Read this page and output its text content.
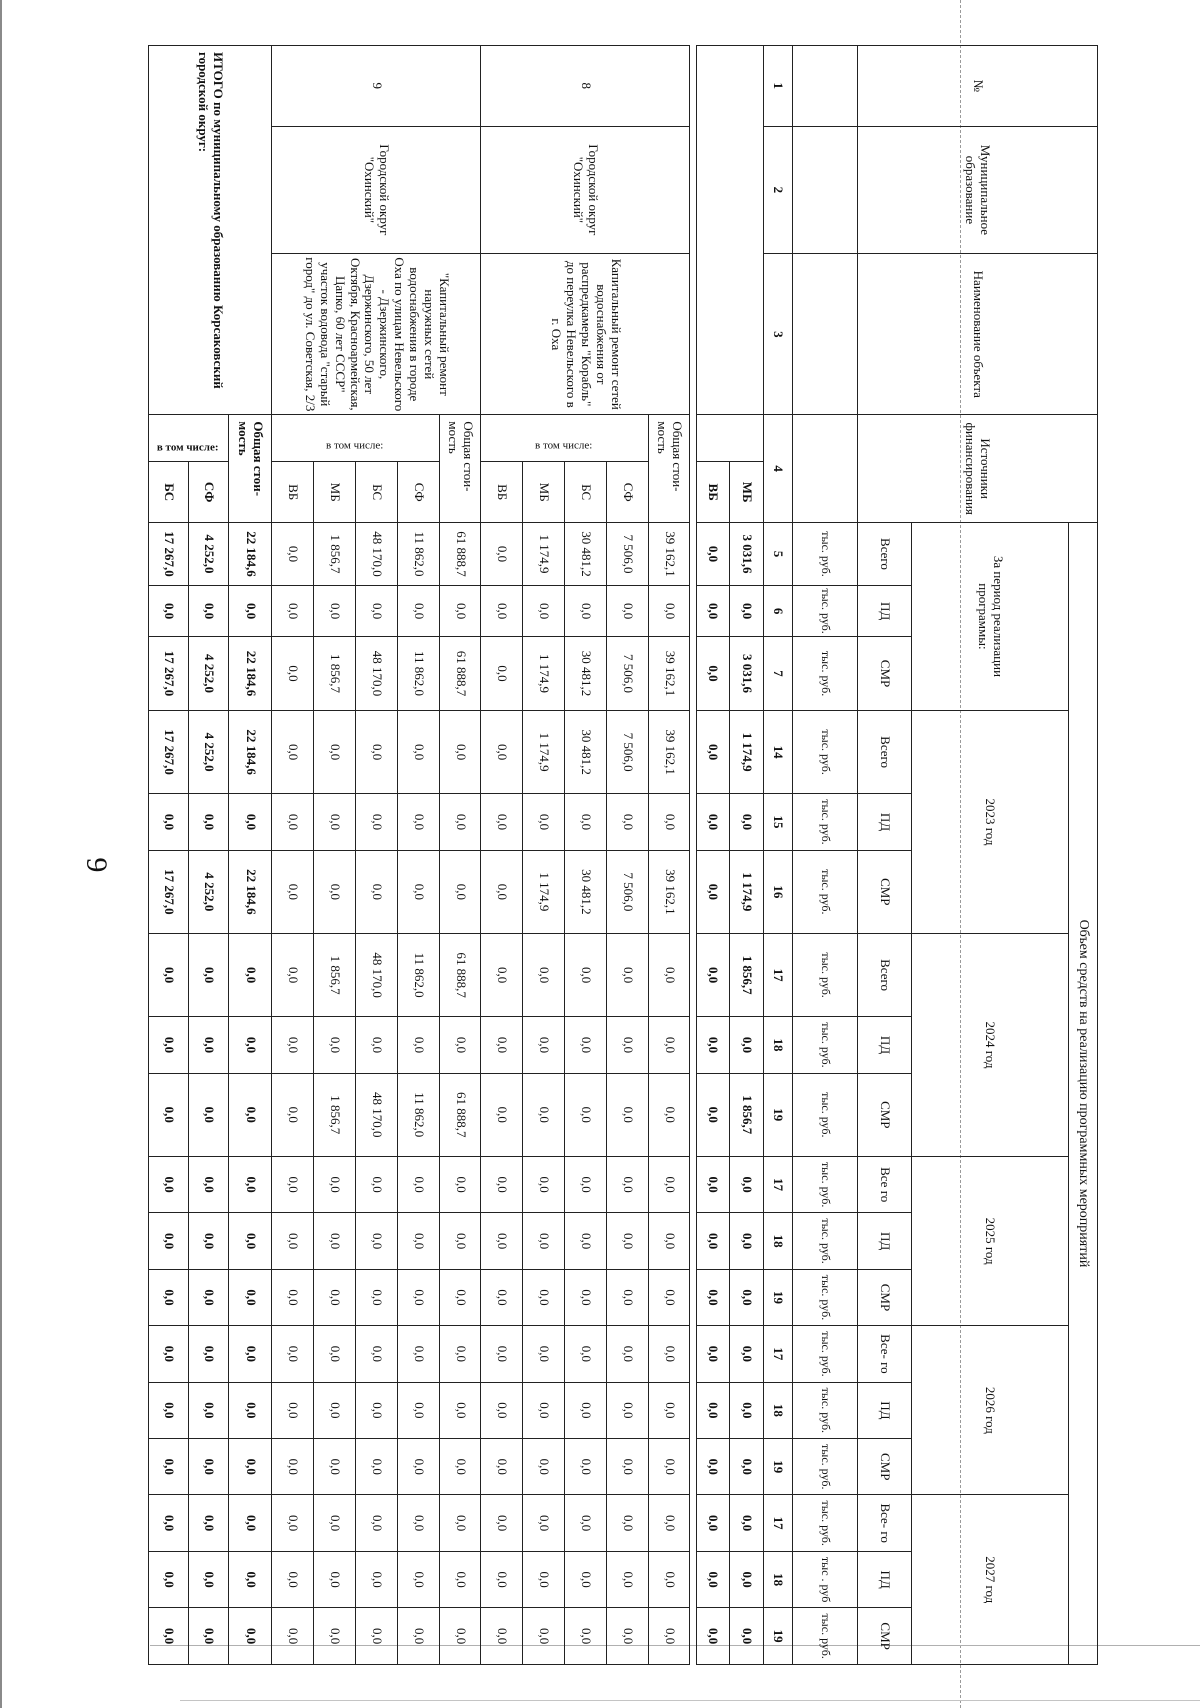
6
№	Муниципальное образование	Наименование объекта	Источники финансирования		Объем средств на реализацию программных мероприятий																	
					За период реализации программы:			2023 год			2024 год			2025 год			2026 год			2027 год		
					Всего	ПД	СМР	Всего	ПД	СМР	Всего	ПД	СМР	Все го	ПД	СМР	Все- го	ПД	СМР	Все- го	ПД	СМР
					тыс. руб.	тыс. руб.	тыс. руб.	тыс. руб.	тыс. руб.	тыс. руб.	тыс. руб.	тыс. руб.	тыс. руб.	тыс. руб.	тыс. руб.	тыс. руб.	тыс. руб.	тыс. руб.	тыс. руб.	тыс. руб.	тыс . руб	тыс. руб.
1	2	3	4		5	6	7	14	15	16	17	18	19	17	18	19	17	18	19	17	18	19
				МБ	3 031,6	0,0	3 031,6	1 174,9	0,0	1 174,9	1 856,7	0,0	1 856,7	0,0	0,0	0,0	0,0	0,0	0,0	0,0	0,0	0,0
				ВБ	0,0	0,0	0,0	0,0	0,0	0,0	0,0	0,0	0,0	0,0	0,0	0,0	0,0	0,0	0,0	0,0	0,0	0,0

8	Городской округ "Охинский"	Капитальный ремонт сетей водоснабжения от распредкамеры "Корабль" до переулка Невельского в г. Оха	Общая стои- мость		39 162,1	0,0	39 162,1	39 162,1	0,0	39 162,1	0,0	0,0	0,0	0,0	0,0	0,0	0,0	0,0	0,0	0,0	0,0	0,0
			в том числе:	СФ	7 506,0	0,0	7 506,0	7 506,0	0,0	7 506,0	0,0	0,0	0,0	0,0	0,0	0,0	0,0	0,0	0,0	0,0	0,0	0,0
				БС	30 481,2	0,0	30 481,2	30 481,2	0,0	30 481,2	0,0	0,0	0,0	0,0	0,0	0,0	0,0	0,0	0,0	0,0	0,0	0,0
				МБ	1 174,9	0,0	1 174,9	1 174,9	0,0	1 174,9	0,0	0,0	0,0	0,0	0,0	0,0	0,0	0,0	0,0	0,0	0,0	0,0
				ВБ	0,0	0,0	0,0	0,0	0,0	0,0	0,0	0,0	0,0	0,0	0,0	0,0	0,0	0,0	0,0	0,0	0,0	0,0
9	Городской округ "Охинский"	"Капитальный ремонт наружных сетей водоснабжения в городе Оха по улицам Невельского - Дзержинского, Дзержинского, 50 лет Октября, Красноармейская, Цапко, 60 лет СССР" участок водовода "старый город" до ул. Советская, 2/3	Общая стои- мость		61 888,7	0,0	61 888,7	0,0	0,0	0,0	61 888,7	0,0	61 888,7	0,0	0,0	0,0	0,0	0,0	0,0	0,0	0,0	0,0
			в том числе:	СФ	11 862,0	0,0	11 862,0	0,0	0,0	0,0	11 862,0	0,0	11 862,0	0,0	0,0	0,0	0,0	0,0	0,0	0,0	0,0	0,0
				БС	48 170,0	0,0	48 170,0	0,0	0,0	0,0	48 170,0	0,0	48 170,0	0,0	0,0	0,0	0,0	0,0	0,0	0,0	0,0	0,0
				МБ	1 856,7	0,0	1 856,7	0,0	0,0	0,0	1 856,7	0,0	1 856,7	0,0	0,0	0,0	0,0	0,0	0,0	0,0	0,0	0,0
				ВБ	0,0	0,0	0,0	0,0	0,0	0,0	0,0	0,0	0,0	0,0	0,0	0,0	0,0	0,0	0,0	0,0	0,0	0,0
ИТОГО по муниципальному образованию Корсаковский городской округ:			Общая стои- мость		22 184,6	0,0	22 184,6	22 184,6	0,0	22 184,6	0,0	0,0	0,0	0,0	0,0	0,0	0,0	0,0	0,0	0,0	0,0	0,0
			в том числе:	СФ	4 252,0	0,0	4 252,0	4 252,0	0,0	4 252,0	0,0	0,0	0,0	0,0	0,0	0,0	0,0	0,0	0,0	0,0	0,0	0,0
				БС	17 267,0	0,0	17 267,0	17 267,0	0,0	17 267,0	0,0	0,0	0,0	0,0	0,0	0,0	0,0	0,0	0,0	0,0	0,0	0,0
